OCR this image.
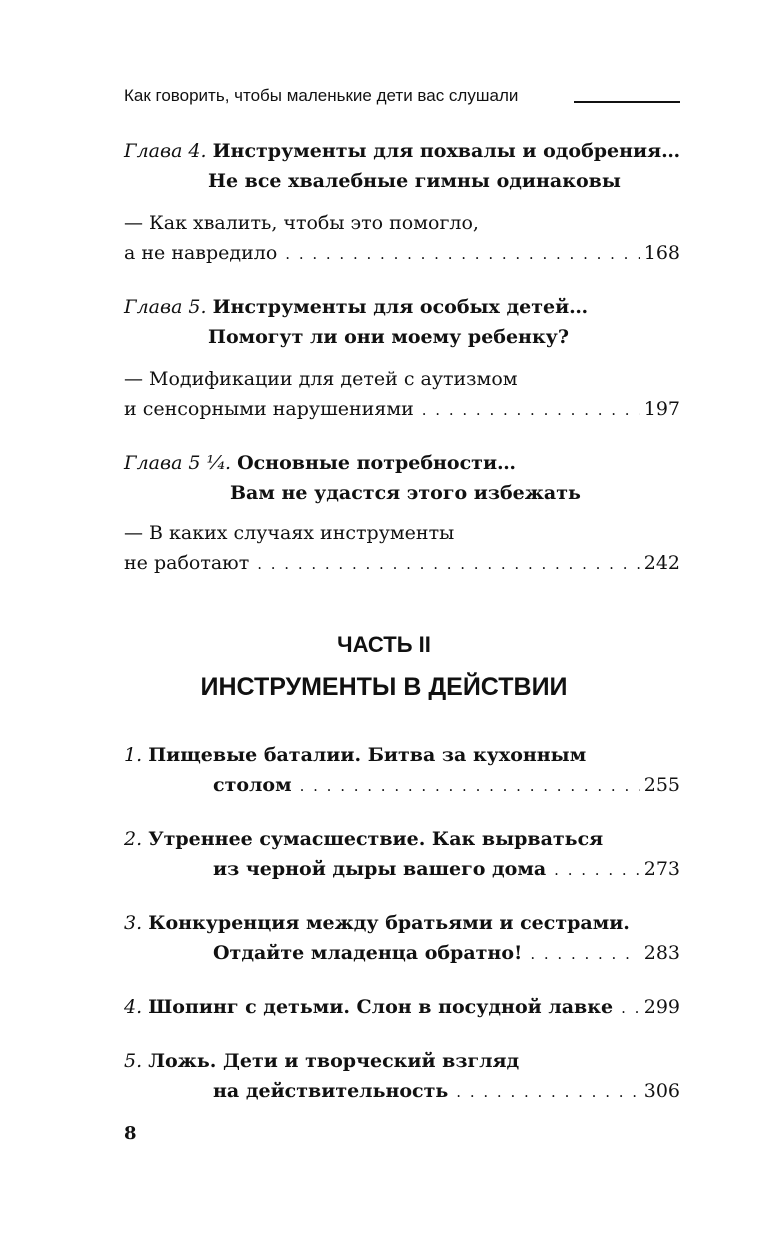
Как говорить, чтобы маленькие дети вас слушали
Глава 4. Инструменты для похвалы и одобрения…
Не все хвалебные гимны одинаковы
— Как хвалить, чтобы это помогло,
а не навредило . . .	168
Глава 5. Инструменты для особых детей…
Помогут ли они моему ребенку?
— Модификации для детей с аутизмом
и сенсорными нарушениями . . .	197
Глава 5 ¹⁄₄. Основные потребности…
Вам не удастся этого избежать
— В каких случаях инструменты
не работают . . .	242
ЧАСТЬ II
ИНСТРУМЕНТЫ В ДЕЙСТВИИ
1. Пищевые баталии. Битва за кухонным
столом . . .	255
2. Утреннее сумасшествие. Как вырваться
из черной дыры вашего дома . . .	273
3. Конкуренция между братьями и сестрами.
Отдайте младенца обратно! . . .	283
4. Шопинг с детьми. Слон в посудной лавке . . . 299
5. Ложь. Дети и творческий взгляд
на действительность . . .	306
8
